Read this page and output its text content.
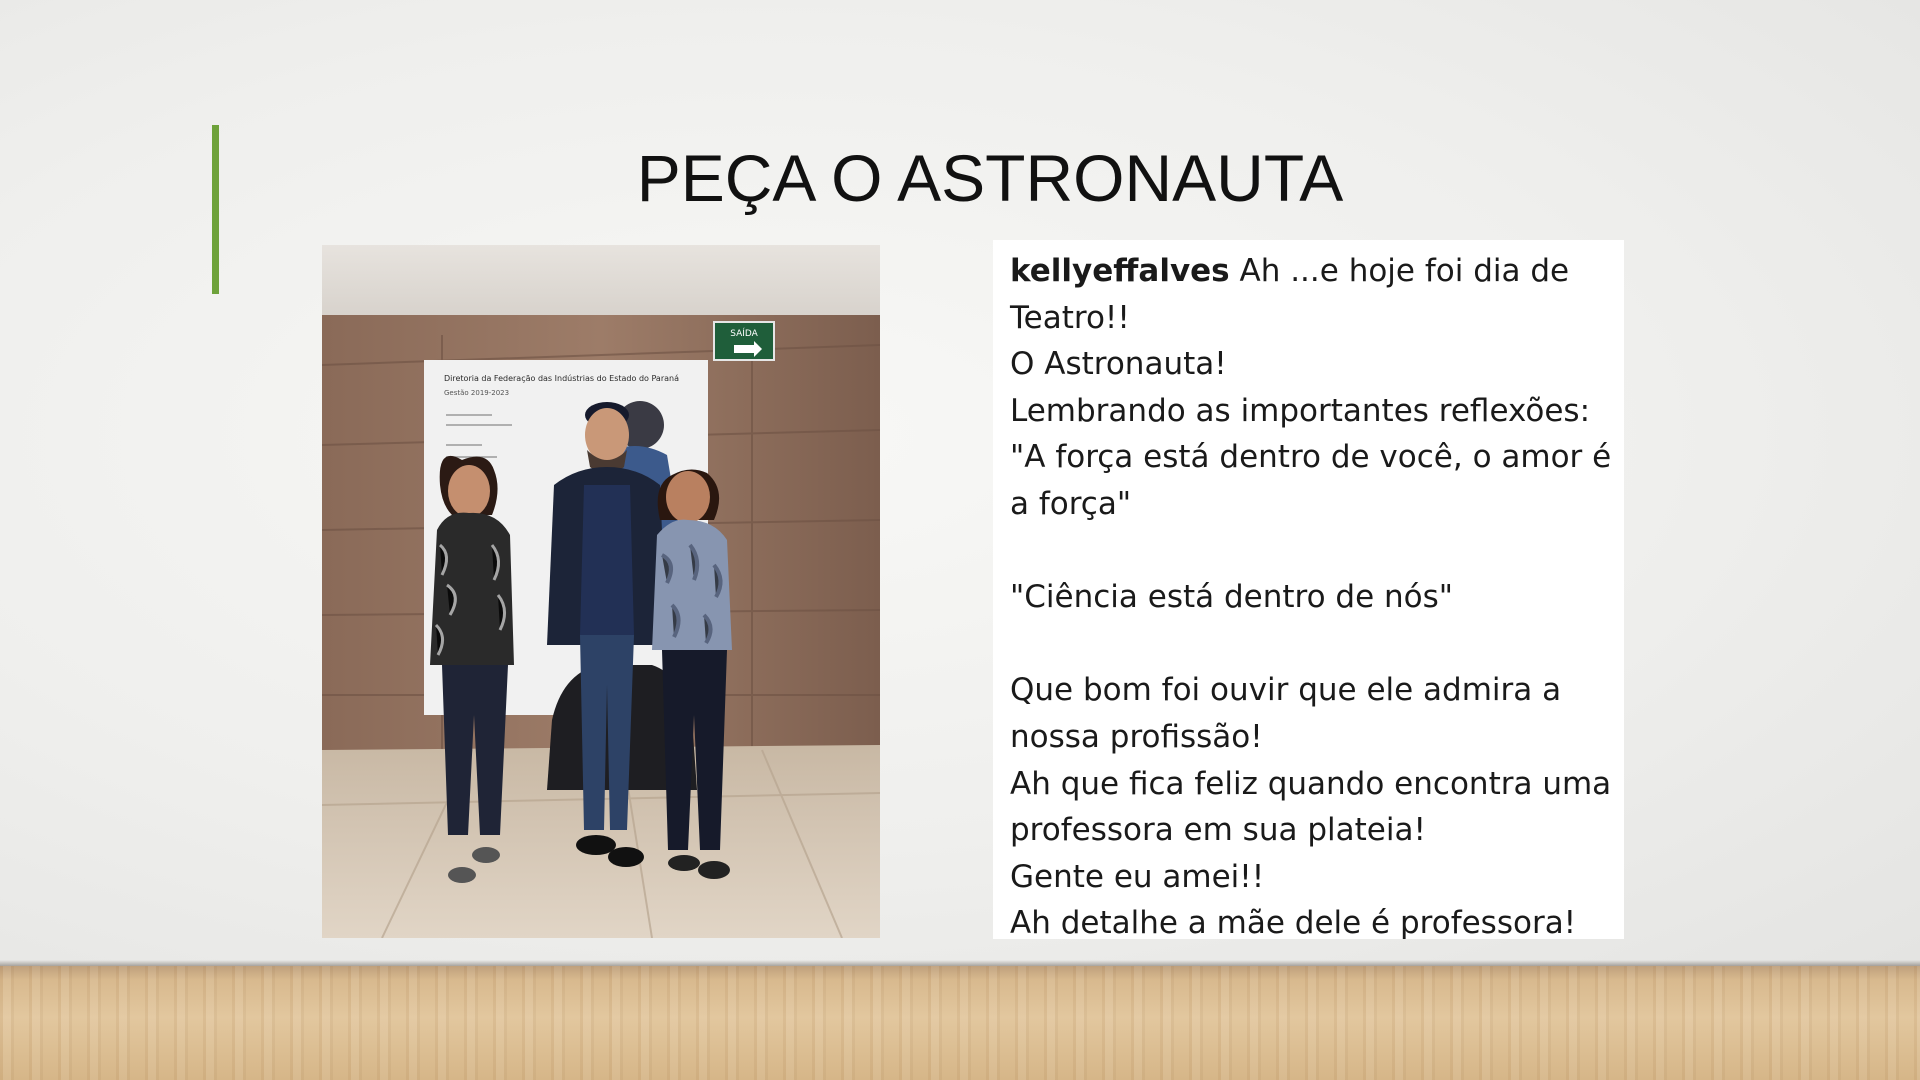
PEÇA O ASTRONAUTA
SAÍDA
Diretoria da Federação das Indústrias do Estado do Paraná
Gestão 2019-2023

kellyeffalves Ah ...e hoje foi dia de Teatro!!

O Astronauta!

Lembrando as importantes reflexões:

"A força está dentro de você, o amor é a força"

"Ciência está dentro de nós"

Que bom foi ouvir que ele admira a nossa profissão!

Ah que fica feliz quando encontra uma professora em sua plateia!

Gente eu amei!!

Ah detalhe a mãe dele é professora!
